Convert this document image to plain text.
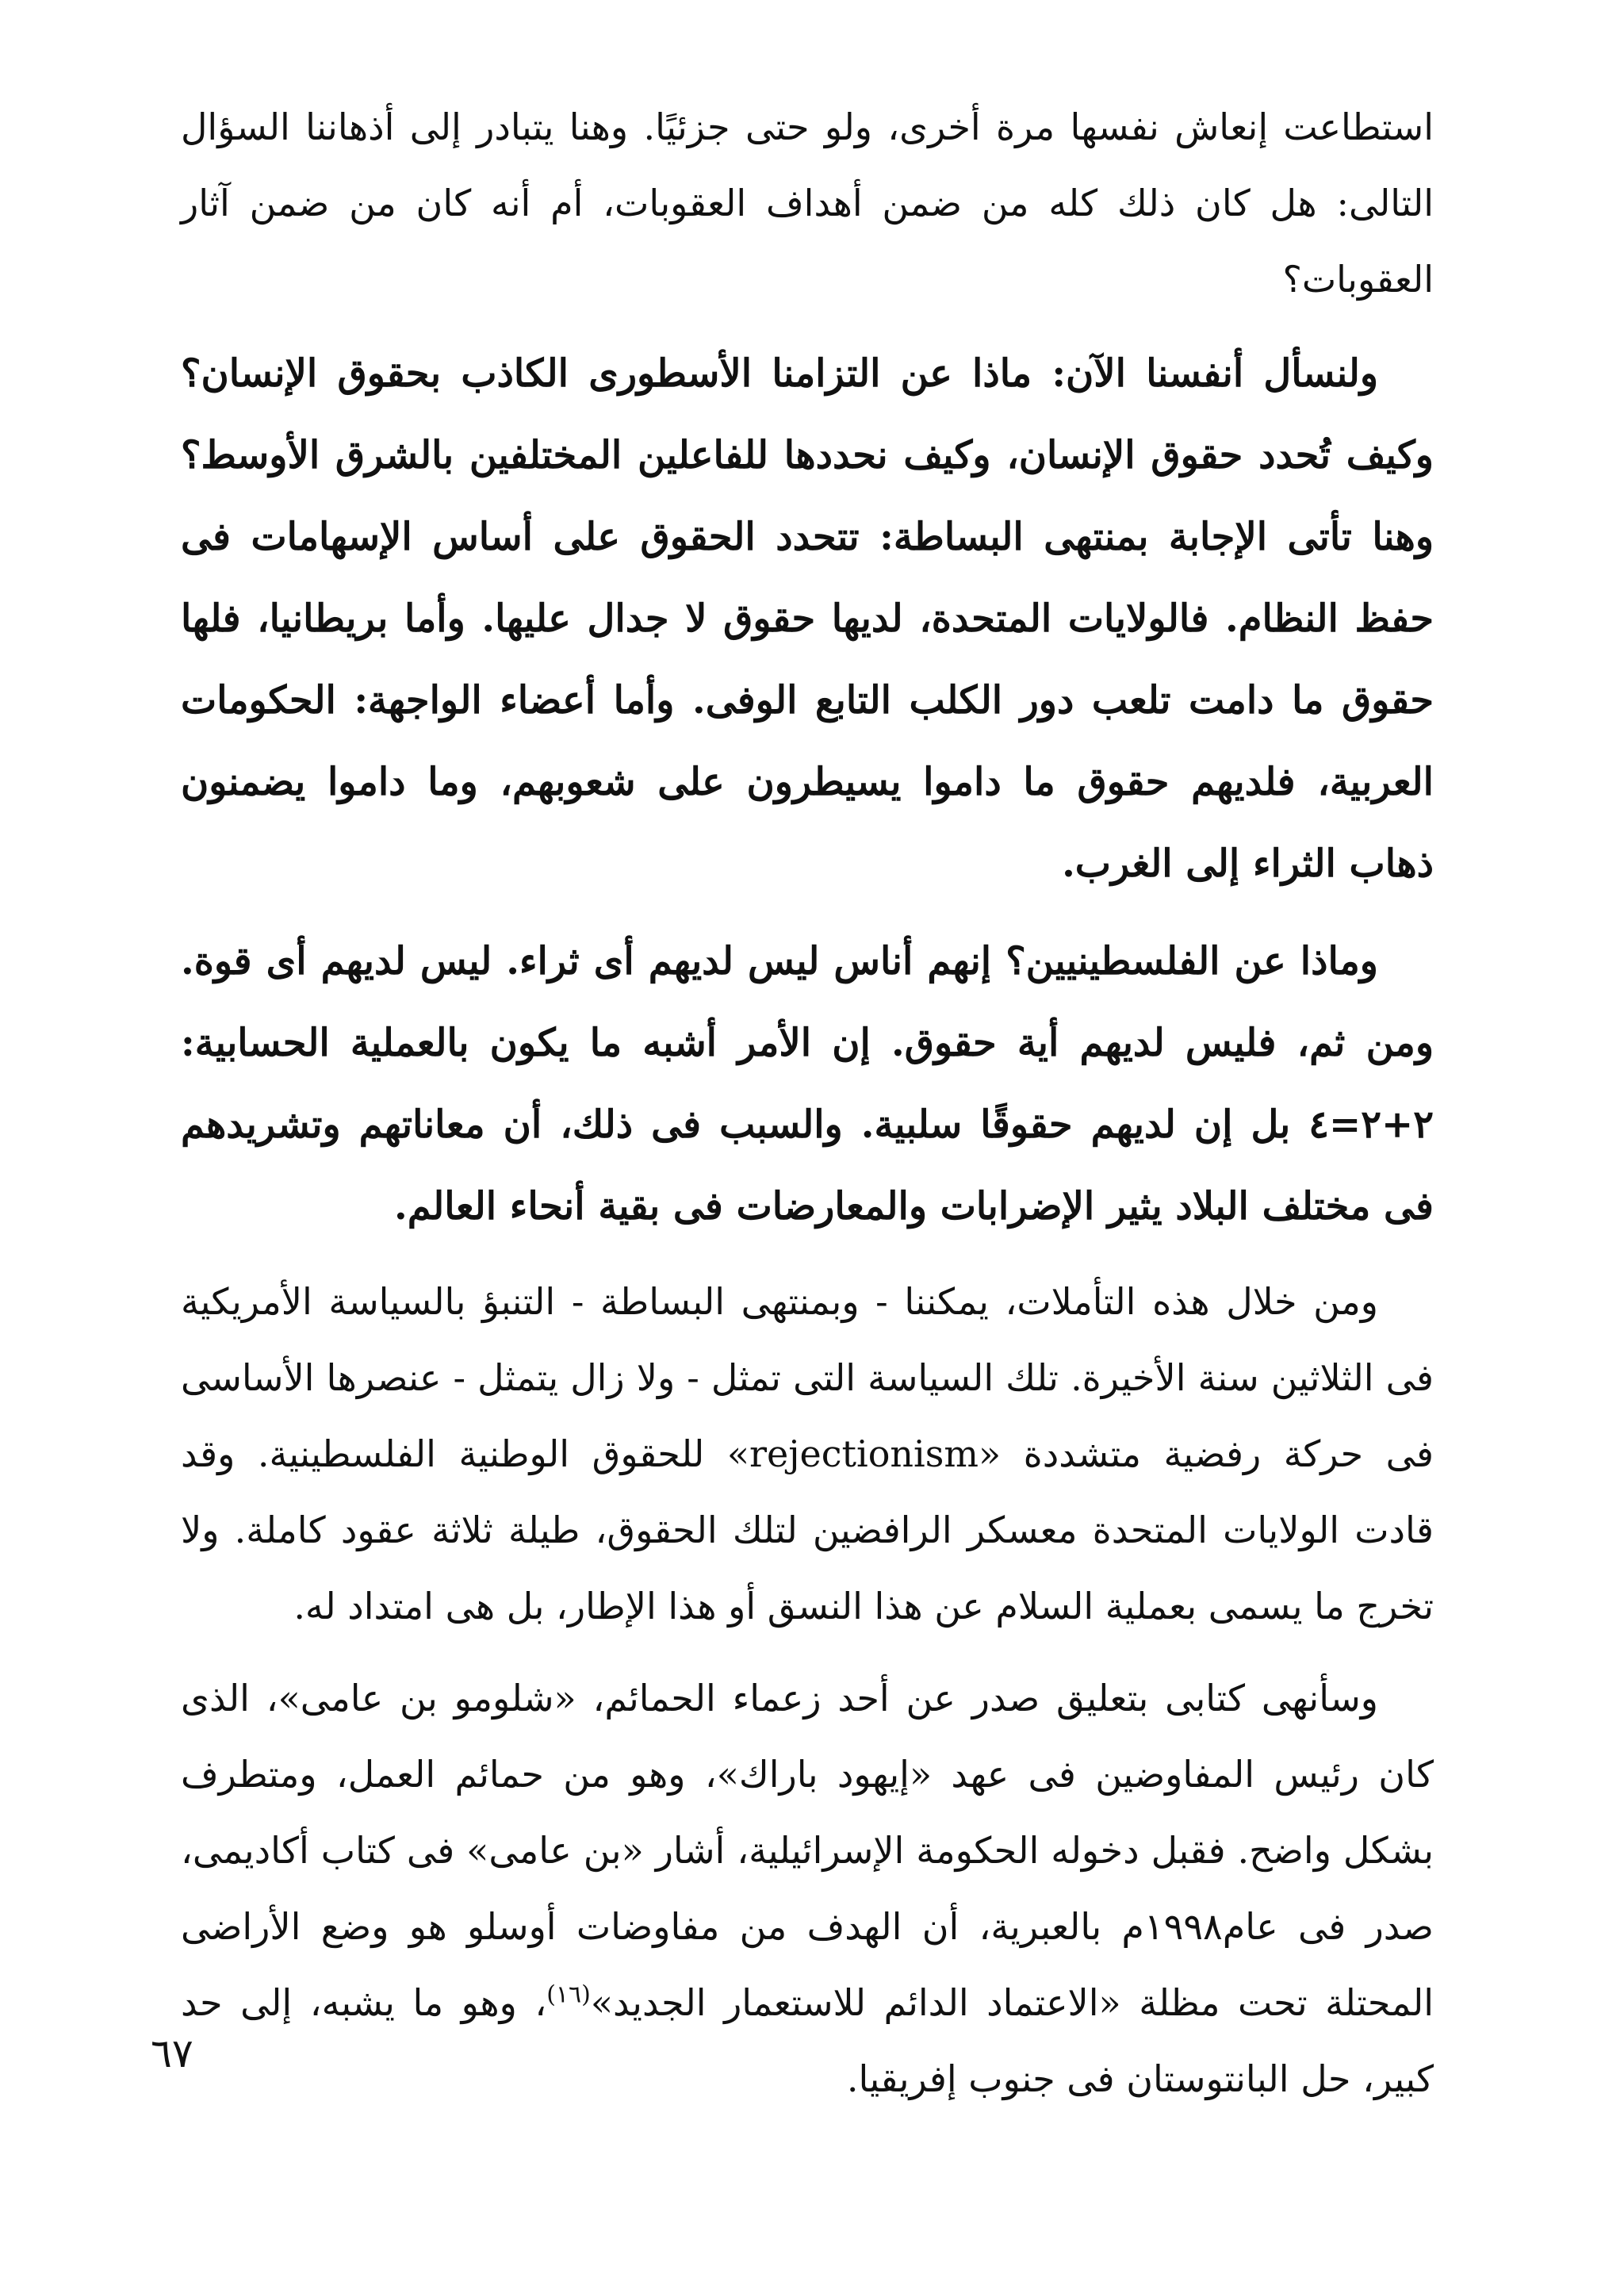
استطاعت إنعاش نفسها مرة أخرى، ولو حتى جزئيًا. وهنا يتبادر إلى أذهاننا السؤال التالى: هل كان ذلك كله من ضمن أهداف العقوبات، أم أنه كان من ضمن آثار العقوبات؟

ولنسأل أنفسنا الآن: ماذا عن التزامنا الأسطورى الكاذب بحقوق الإنسان؟ وكيف تُحدد حقوق الإنسان، وكيف نحددها للفاعلين المختلفين بالشرق الأوسط؟ وهنا تأتى الإجابة بمنتهى البساطة: تتحدد الحقوق على أساس الإسهامات فى حفظ النظام. فالولايات المتحدة، لديها حقوق لا جدال عليها. وأما بريطانيا، فلها حقوق ما دامت تلعب دور الكلب التابع الوفى. وأما أعضاء الواجهة: الحكومات العربية، فلديهم حقوق ما داموا يسيطرون على شعوبهم، وما داموا يضمنون ذهاب الثراء إلى الغرب.

وماذا عن الفلسطينيين؟ إنهم أناس ليس لديهم أى ثراء. ليس لديهم أى قوة. ومن ثم، فليس لديهم أية حقوق. إن الأمر أشبه ما يكون بالعملية الحسابية: ٢+٢=٤ بل إن لديهم حقوقًا سلبية. والسبب فى ذلك، أن معاناتهم وتشريدهم فى مختلف البلاد يثير الإضرابات والمعارضات فى بقية أنحاء العالم.

ومن خلال هذه التأملات، يمكننا - وبمنتهى البساطة - التنبؤ بالسياسة الأمريكية فى الثلاثين سنة الأخيرة. تلك السياسة التى تمثل - ولا زال يتمثل - عنصرها الأساسى فى حركة رفضية متشددة «rejectionism» للحقوق الوطنية الفلسطينية. وقد قادت الولايات المتحدة معسكر الرافضين لتلك الحقوق، طيلة ثلاثة عقود كاملة. ولا تخرج ما يسمى بعملية السلام عن هذا النسق أو هذا الإطار، بل هى امتداد له.

وسأنهى كتابى بتعليق صدر عن أحد زعماء الحمائم، «شلومو بن عامى»، الذى كان رئيس المفاوضين فى عهد «إيهود باراك»، وهو من حمائم العمل، ومتطرف بشكل واضح. فقبل دخوله الحكومة الإسرائيلية، أشار «بن عامى» فى كتاب أكاديمى، صدر فى عام١٩٩٨م بالعبرية، أن الهدف من مفاوضات أوسلو هو وضع الأراضى المحتلة تحت مظلة «الاعتماد الدائم للاستعمار الجديد»$^{(١٦)}$، وهو ما يشبه، إلى حد كبير، حل البانتوستان فى جنوب إفريقيا.

٦٧
